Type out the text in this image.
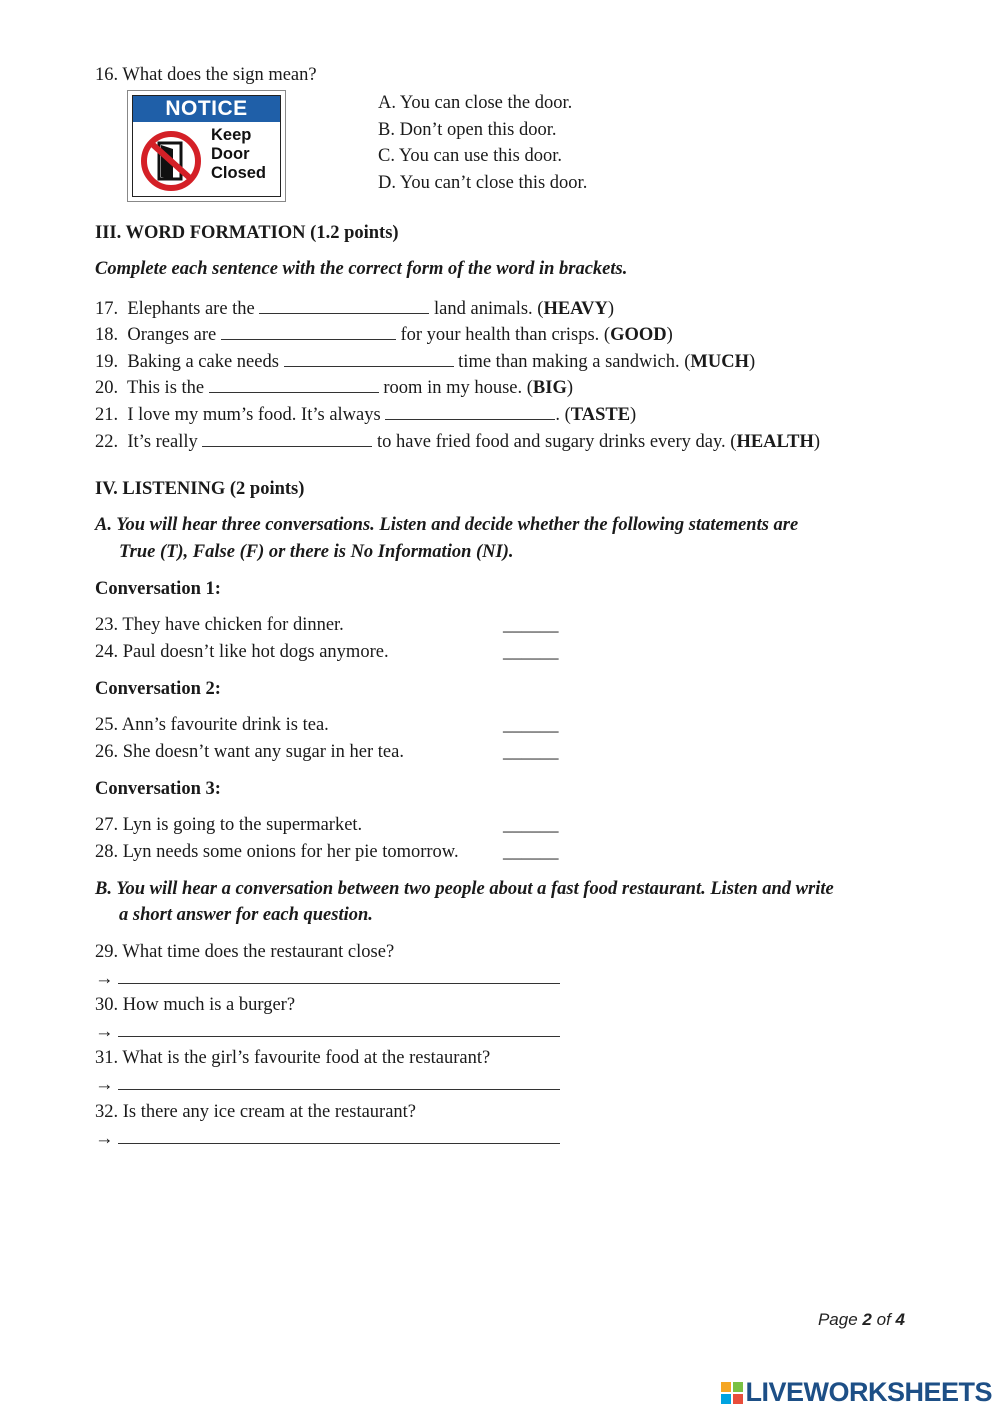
16. What does the sign mean?
NOTICE
Keep
Door
Closed
A. You can close the door.
B. Don’t open this door.
C. You can use this door.
D. You can’t close this door.
III. WORD FORMATION (1.2 points)
Complete each sentence with the correct form of the word in brackets.
17. Elephants are the	land animals. (HEAVY)
18. Oranges are	for your health than crisps. (GOOD)
19. Baking a cake needs	time than making a sandwich. (MUCH)
20. This is the	room in my house. (BIG)
21. I love my mum’s food. It’s always	. (TASTE)
22. It’s really	to have fried food and sugary drinks every day. (HEALTH)
IV. LISTENING (2 points)
A. You will hear three conversations. Listen and decide whether the following statements are
True (T), False (F) or there is No Information (NI).
Conversation 1:
23. They have chicken for dinner.	______
24. Paul doesn’t like hot dogs anymore.	______
Conversation 2:
25. Ann’s favourite drink is tea.	______
26. She doesn’t want any sugar in her tea.	______
Conversation 3:
27. Lyn is going to the supermarket.	______
28. Lyn needs some onions for her pie tomorrow. ______
B. You will hear a conversation between two people about a fast food restaurant. Listen and write
a short answer for each question.
29. What time does the restaurant close?
→
30. How much is a burger?
→
31. What is the girl’s favourite food at the restaurant?
→
32. Is there any ice cream at the restaurant?
→
Page 2 of 4
LIVEWORKSHEETS
